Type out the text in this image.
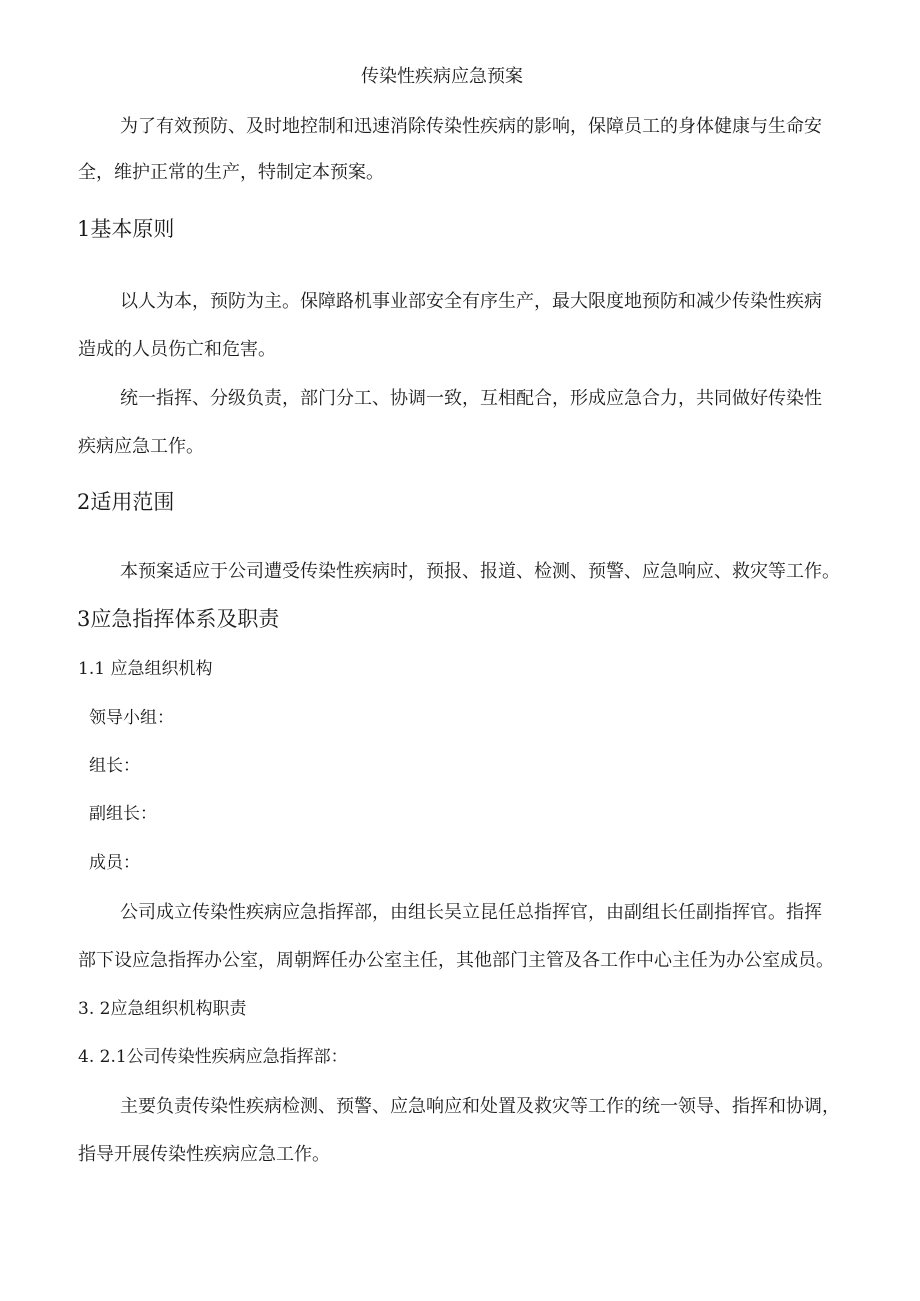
传染性疾病应急预案

为了有效预防、及时地控制和迅速消除传染性疾病的影响，保障员工的身体健康与生命安

全，维护正常的生产，特制定本预案。

1基本原则

以人为本，预防为主。保障路机事业部安全有序生产，最大限度地预防和减少传染性疾病

造成的人员伤亡和危害。

统一指挥、分级负责，部门分工、协调一致，互相配合，形成应急合力，共同做好传染性

疾病应急工作。

2适用范围

本预案适应于公司遭受传染性疾病时，预报、报道、检测、预警、应急响应、救灾等工作。

3应急指挥体系及职责

1.1 应急组织机构

领导小组：

组长：

副组长：

成员：

公司成立传染性疾病应急指挥部，由组长吴立昆任总指挥官，由副组长任副指挥官。指挥

部下设应急指挥办公室，周朝辉任办公室主任，其他部门主管及各工作中心主任为办公室成员。

3. 2应急组织机构职责

4. 2.1公司传染性疾病应急指挥部：

主要负责传染性疾病检测、预警、应急响应和处置及救灾等工作的统一领导、指挥和协调，

指导开展传染性疾病应急工作。
